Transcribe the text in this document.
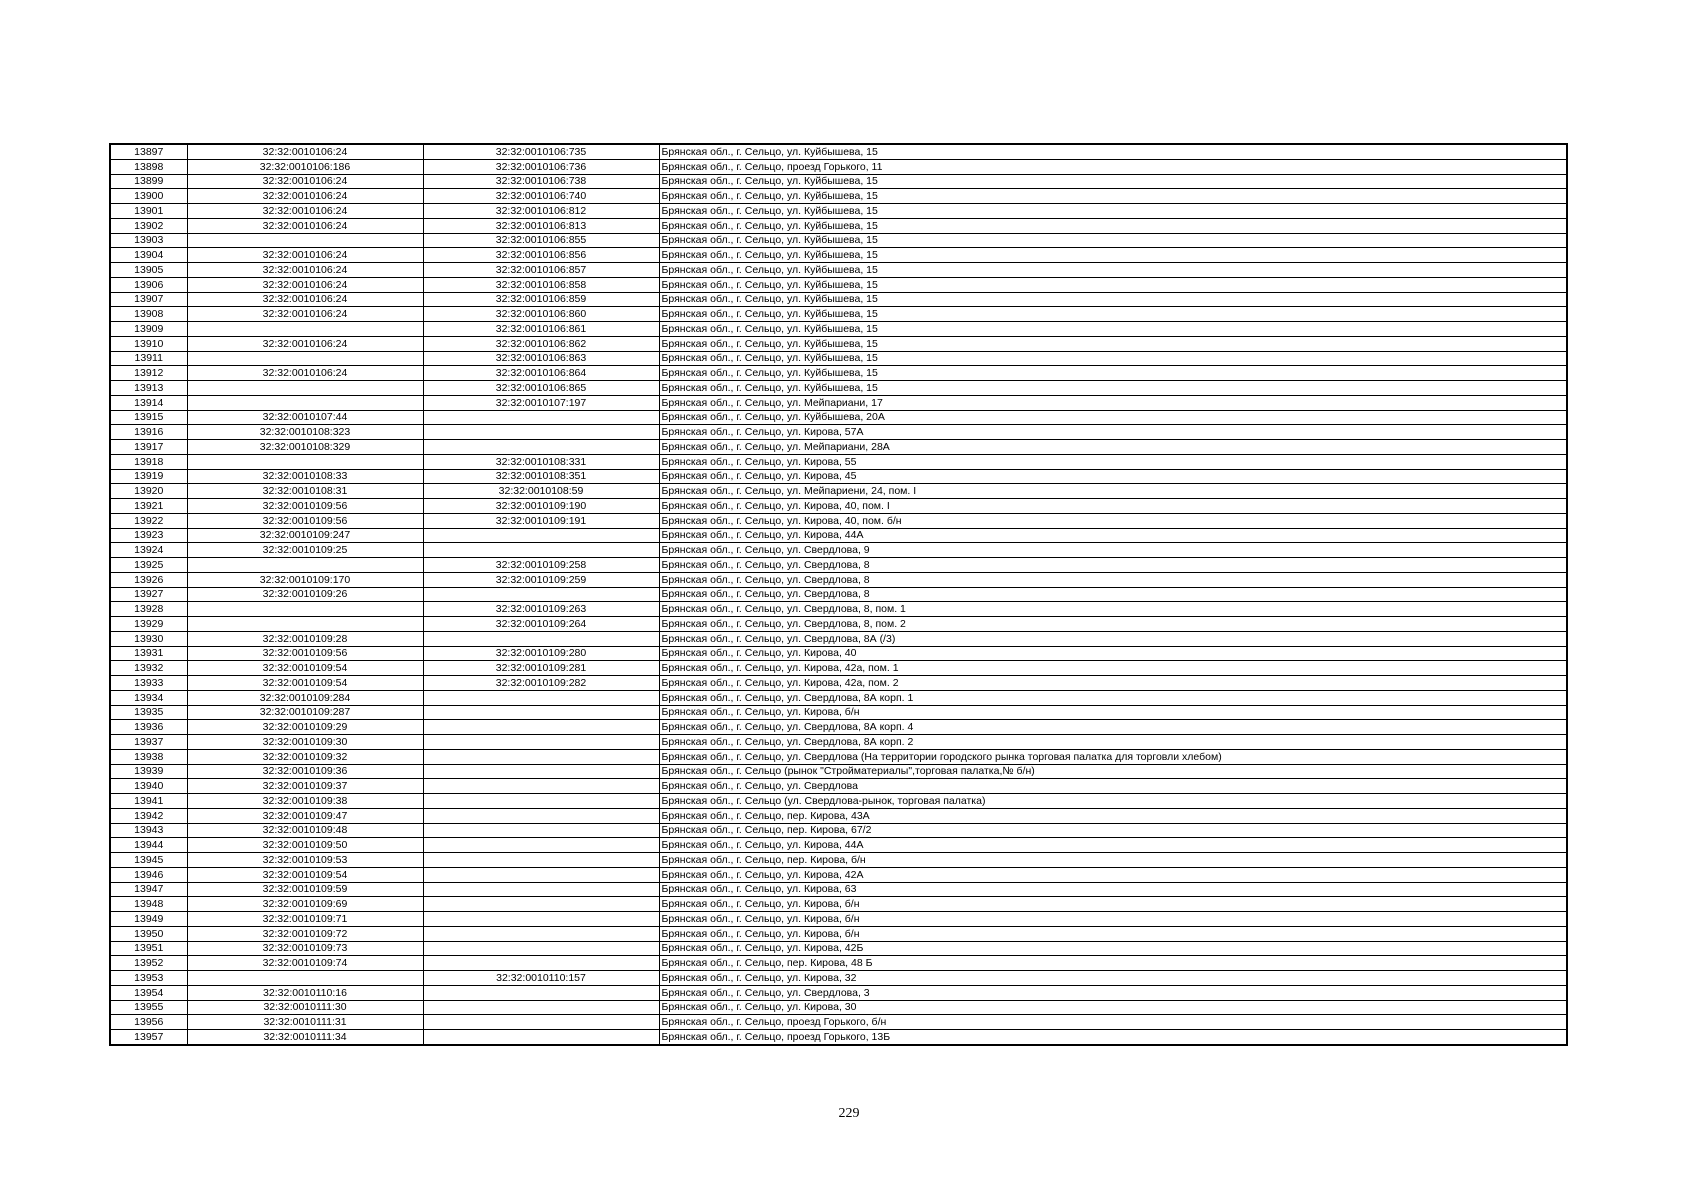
13897	32:32:0010106:24	32:32:0010106:735	Брянская обл., г. Сельцо, ул. Куйбышева, 15
13898	32:32:0010106:186	32:32:0010106:736	Брянская обл., г. Сельцо, проезд Горького, 11
13899	32:32:0010106:24	32:32:0010106:738	Брянская обл., г. Сельцо, ул. Куйбышева, 15
13900	32:32:0010106:24	32:32:0010106:740	Брянская обл., г. Сельцо, ул. Куйбышева, 15
13901	32:32:0010106:24	32:32:0010106:812	Брянская обл., г. Сельцо, ул. Куйбышева, 15
13902	32:32:0010106:24	32:32:0010106:813	Брянская обл., г. Сельцо, ул. Куйбышева, 15
13903		32:32:0010106:855	Брянская обл., г. Сельцо, ул. Куйбышева, 15
13904	32:32:0010106:24	32:32:0010106:856	Брянская обл., г. Сельцо, ул. Куйбышева, 15
13905	32:32:0010106:24	32:32:0010106:857	Брянская обл., г. Сельцо, ул. Куйбышева, 15
13906	32:32:0010106:24	32:32:0010106:858	Брянская обл., г. Сельцо, ул. Куйбышева, 15
13907	32:32:0010106:24	32:32:0010106:859	Брянская обл., г. Сельцо, ул. Куйбышева, 15
13908	32:32:0010106:24	32:32:0010106:860	Брянская обл., г. Сельцо, ул. Куйбышева, 15
13909		32:32:0010106:861	Брянская обл., г. Сельцо, ул. Куйбышева, 15
13910	32:32:0010106:24	32:32:0010106:862	Брянская обл., г. Сельцо, ул. Куйбышева, 15
13911		32:32:0010106:863	Брянская обл., г. Сельцо, ул. Куйбышева, 15
13912	32:32:0010106:24	32:32:0010106:864	Брянская обл., г. Сельцо, ул. Куйбышева, 15
13913		32:32:0010106:865	Брянская обл., г. Сельцо, ул. Куйбышева, 15
13914		32:32:0010107:197	Брянская обл., г. Сельцо, ул. Мейпариани, 17
13915	32:32:0010107:44		Брянская обл., г. Сельцо, ул. Куйбышева, 20А
13916	32:32:0010108:323		Брянская обл., г. Сельцо, ул. Кирова, 57А
13917	32:32:0010108:329		Брянская обл., г. Сельцо, ул. Мейпариани, 28А
13918		32:32:0010108:331	Брянская обл., г. Сельцо, ул. Кирова, 55
13919	32:32:0010108:33	32:32:0010108:351	Брянская обл., г. Сельцо, ул. Кирова, 45
13920	32:32:0010108:31	32:32:0010108:59	Брянская обл., г. Сельцо, ул. Мейпариени, 24, пом. I
13921	32:32:0010109:56	32:32:0010109:190	Брянская обл., г. Сельцо, ул. Кирова, 40, пом. I
13922	32:32:0010109:56	32:32:0010109:191	Брянская обл., г. Сельцо, ул. Кирова, 40, пом. б/н
13923	32:32:0010109:247		Брянская обл., г. Сельцо, ул. Кирова, 44А
13924	32:32:0010109:25		Брянская обл., г. Сельцо, ул. Свердлова, 9
13925		32:32:0010109:258	Брянская обл., г. Сельцо, ул. Свердлова, 8
13926	32:32:0010109:170	32:32:0010109:259	Брянская обл., г. Сельцо, ул. Свердлова, 8
13927	32:32:0010109:26		Брянская обл., г. Сельцо, ул. Свердлова, 8
13928		32:32:0010109:263	Брянская обл., г. Сельцо, ул. Свердлова, 8, пом. 1
13929		32:32:0010109:264	Брянская обл., г. Сельцо, ул. Свердлова, 8, пом. 2
13930	32:32:0010109:28		Брянская обл., г. Сельцо, ул. Свердлова, 8А (/3)
13931	32:32:0010109:56	32:32:0010109:280	Брянская обл., г. Сельцо, ул. Кирова, 40
13932	32:32:0010109:54	32:32:0010109:281	Брянская обл., г. Сельцо, ул. Кирова, 42а, пом. 1
13933	32:32:0010109:54	32:32:0010109:282	Брянская обл., г. Сельцо, ул. Кирова, 42а, пом. 2
13934	32:32:0010109:284		Брянская обл., г. Сельцо, ул. Свердлова, 8А корп. 1
13935	32:32:0010109:287		Брянская обл., г. Сельцо, ул. Кирова, б/н
13936	32:32:0010109:29		Брянская обл., г. Сельцо, ул. Свердлова, 8А корп. 4
13937	32:32:0010109:30		Брянская обл., г. Сельцо, ул. Свердлова, 8А корп. 2
13938	32:32:0010109:32		Брянская обл., г. Сельцо, ул. Свердлова (На территории городского рынка торговая палатка для торговли хлебом)
13939	32:32:0010109:36		Брянская обл., г. Сельцо (рынок "Стройматериалы",торговая палатка,№ б/н)
13940	32:32:0010109:37		Брянская обл., г. Сельцо, ул. Свердлова
13941	32:32:0010109:38		Брянская обл., г. Сельцо (ул. Свердлова-рынок, торговая палатка)
13942	32:32:0010109:47		Брянская обл., г. Сельцо, пер. Кирова, 43А
13943	32:32:0010109:48		Брянская обл., г. Сельцо, пер. Кирова, 67/2
13944	32:32:0010109:50		Брянская обл., г. Сельцо, ул. Кирова, 44А
13945	32:32:0010109:53		Брянская обл., г. Сельцо, пер. Кирова, б/н
13946	32:32:0010109:54		Брянская обл., г. Сельцо, ул. Кирова, 42А
13947	32:32:0010109:59		Брянская обл., г. Сельцо, ул. Кирова, 63
13948	32:32:0010109:69		Брянская обл., г. Сельцо, ул. Кирова, б/н
13949	32:32:0010109:71		Брянская обл., г. Сельцо, ул. Кирова, б/н
13950	32:32:0010109:72		Брянская обл., г. Сельцо, ул. Кирова, б/н
13951	32:32:0010109:73		Брянская обл., г. Сельцо, ул. Кирова, 42Б
13952	32:32:0010109:74		Брянская обл., г. Сельцо, пер. Кирова, 48 Б
13953		32:32:0010110:157	Брянская обл., г. Сельцо, ул. Кирова, 32
13954	32:32:0010110:16		Брянская обл., г. Сельцо, ул. Свердлова, 3
13955	32:32:0010111:30		Брянская обл., г. Сельцо, ул. Кирова, 30
13956	32:32:0010111:31		Брянская обл., г. Сельцо, проезд Горького, б/н
13957	32:32:0010111:34		Брянская обл., г. Сельцо, проезд Горького, 13Б
229
